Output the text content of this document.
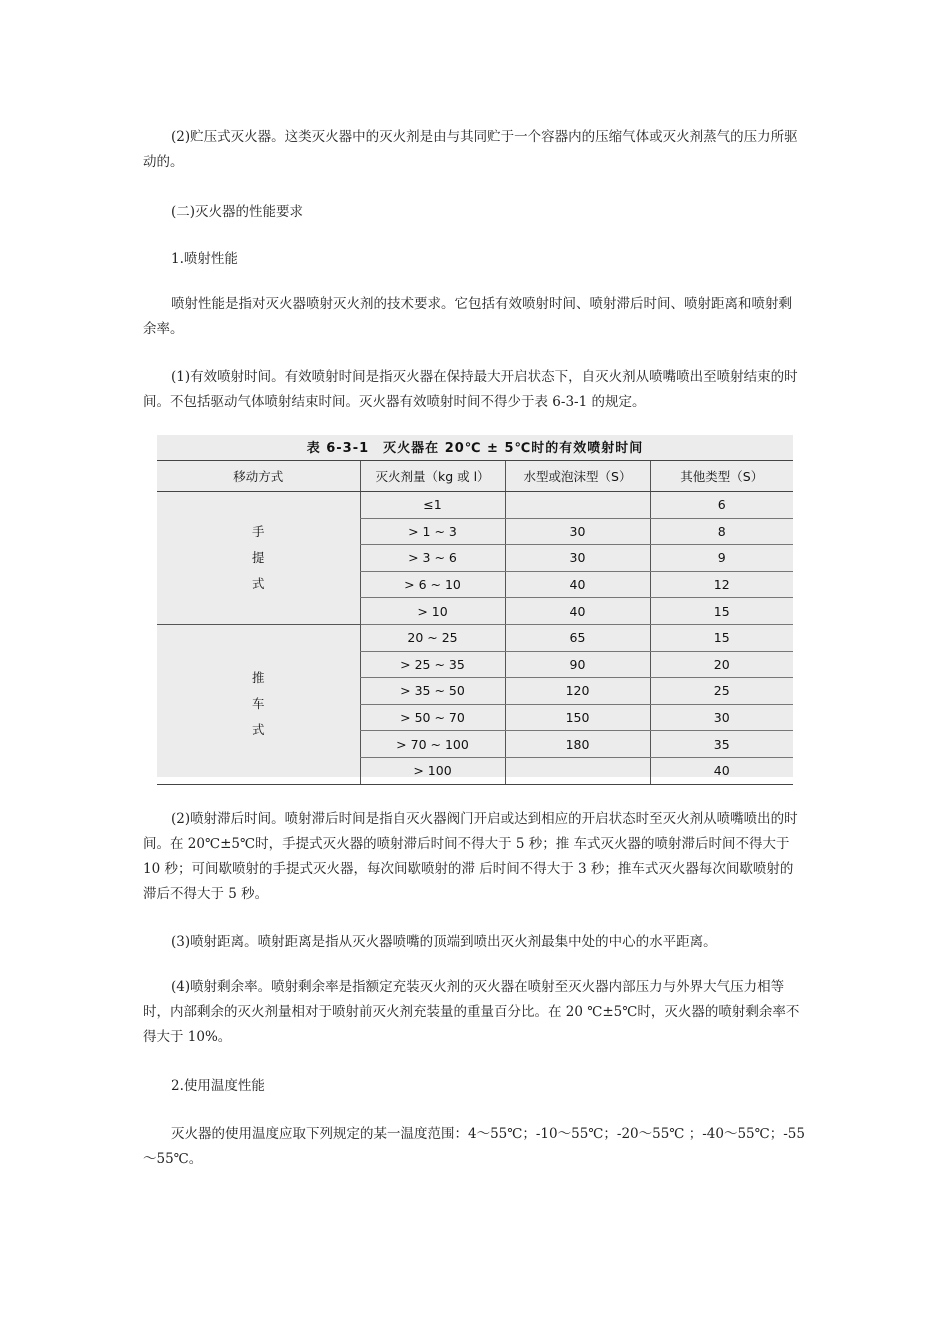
(2)贮压式灭火器。这类灭火器中的灭火剂是由与其同贮于一个容器内的压缩气体或灭火剂蒸气的压力所驱动的。

(二)灭火器的性能要求

1.喷射性能

喷射性能是指对灭火器喷射灭火剂的技术要求。它包括有效喷射时间、喷射滞后时间、喷射距离和喷射剩余率。

(1)有效喷射时间。有效喷射时间是指灭火器在保持最大开启状态下，自灭火剂从喷嘴喷出至喷射结束的时间。不包括驱动气体喷射结束时间。灭火器有效喷射时间不得少于表 6-3-1 的规定。

表 6-3-1　灭火器在 20℃ ± 5℃时的有效喷射时间
移动方式	灭火剂量（kg 或 l）	水型或泡沫型（S）	其他类型（S）

手
提
式	≤1		6
	> 1 ~ 3	30	8
	> 3 ~ 6	30	9
	> 6 ~ 10	40	12
	> 10	40	15

推
车
式	20 ~ 25	65	15
	> 25 ~ 35	90	20
	> 35 ~ 50	120	25
	> 50 ~ 70	150	30
	> 70 ~ 100	180	35
	> 100		40

(2)喷射滞后时间。喷射滞后时间是指自灭火器阀门开启或达到相应的开启状态时至灭火剂从喷嘴喷出的时间。在 20℃±5℃时，手提式灭火器的喷射滞后时间不得大于 5 秒；推 车式灭火器的喷射滞后时间不得大于 10 秒；可间歇喷射的手提式灭火器，每次间歇喷射的滞 后时间不得大于 3 秒；推车式灭火器每次间歇喷射的滞后不得大于 5 秒。

(3)喷射距离。喷射距离是指从灭火器喷嘴的顶端到喷出灭火剂最集中处的中心的水平距离。

(4)喷射剩余率。喷射剩余率是指额定充装灭火剂的灭火器在喷射至灭火器内部压力与外界大气压力相等时，内部剩余的灭火剂量相对于喷射前灭火剂充装量的重量百分比。在 20 ℃±5℃时，灭火器的喷射剩余率不得大于 10%。

2.使用温度性能

灭火器的使用温度应取下列规定的某一温度范围：4～55℃；-10～55℃；-20～55℃ ；-40～55℃；-55～55℃。
